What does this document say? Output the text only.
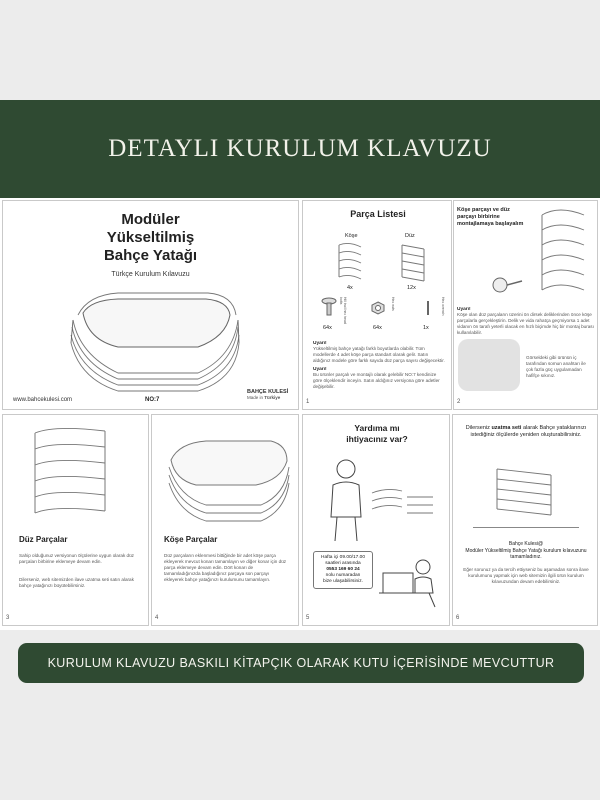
DETAYLI KURULUM KLAVUZU
Modüler
Yükseltilmiş
Bahçe Yatağı
Türkçe Kurulum Kılavuzu
www.bahcekulesi.com	NO:7
BAHÇE KULESİ
Made in Türkiye
Parça Listesi
Köşe	Düz
4x	12x
64x	64x	1x
Hill trail hex head bolts	Hex nuts	Hex wrench
Uyarı!
Yükseltilmiş bahçe yatağı farklı boyutlarda olabilir. Tüm modellerde 4 adet köşe parça standart olarak gelir. Satın aldığınız modele göre farklı sayıda düz parça sayısı değişecektir.
Uyarı!
Bu ürünler parçalı ve montajlı olarak gelebilir NO:7 kendinize göre ölçeklendir inceyin. Satın aldığınız versiyona göre adetler değişebilir.
1
Köşe parçayı ve düz
parçayı birbirine
montajlamaya başlayalım
Uyarı!
Köşe olan düz parçaların üzerini ön dirsek deliklerinden önce köşe parçalarla gerçekleştirin. Delik ve vida rahatça geçmiyorsa 1 adet vidanın ön tarafı yeterli olacak en hızlı biçimde hiç bir montaj burası kullanılabilir.
Görseldeki gibi ürünün iç tarafından somun anahtarı ile çok fazla güç uygulamadan hafifçe sıkınız.
2
Düz Parçalar
Sahip olduğunuz versiyonun ölçülerine uygun olarak düz parçaları birbirine eklemeye devam edin.
Dilerseniz, web sitemizden ilave uzatma seti satın alarak bahçe yatağınızı büyütebilirsiniz.
3
Köşe Parçalar
Düz parçaların eklenmesi bittiğinde bir adet köşe parça ekleyerek mevcut konarı tamamlayın ve diğer konar için düz parça eklemeye devam edin. Dört konarı de tamamladığınızda başladığınız parçaya son parçayı ekleyerek bahçe yatağınızı kurulumunu tamamlayın.
4
Yardıma mı
ihtiyacınız var?
Hafta içi 09.00/17.00
saatleri arasında
0553 169 60 24
nolu numaradan
bize ulaşabilirsiniz.
5
Dilerseniz uzatma seti alarak Bahçe yataklarınızı istediğiniz ölçülerde yeniden oluşturabilirsiniz.
Bahçe Kulesi@
Modüler Yükseltilmiş Bahçe Yatağı kurulum kılavuzunu tamamladınız.
Eğer sorunuz ya da tercih ettiyseniz bu aşamadan sonra ilave kurulumunu yapmak için web sitemizin ilgili ürün kurulum kılavuzundan devam edebilirsiniz.
6
KURULUM KLAVUZU BASKILI KİTAPÇIK OLARAK KUTU İÇERİSİNDE MEVCUTTUR
